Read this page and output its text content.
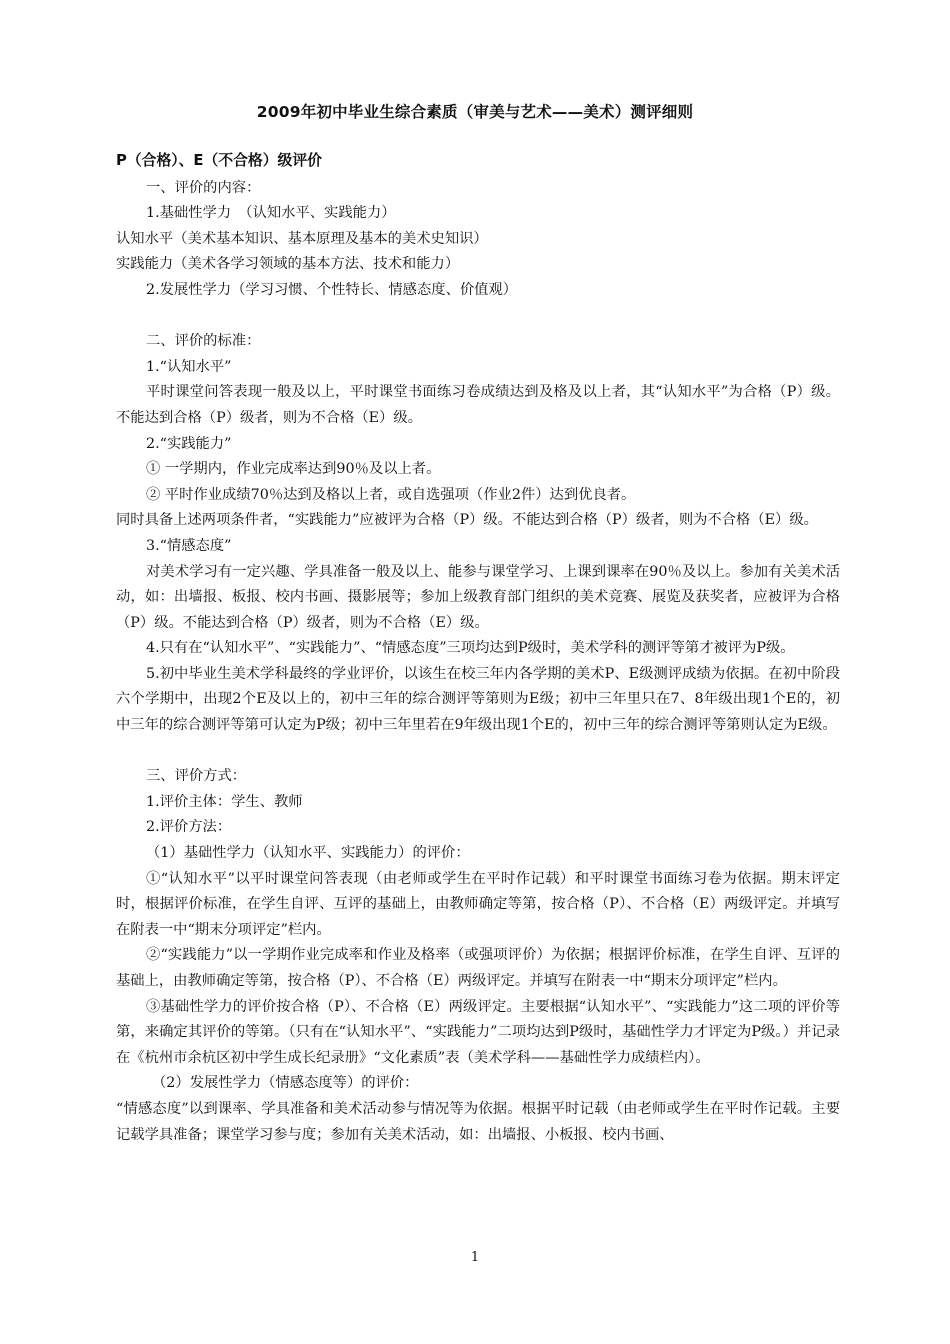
2009年初中毕业生综合素质（审美与艺术——美术）测评细则

P（合格）、E（不合格）级评价

一、评价的内容：

1.基础性学力　（认知水平、实践能力）

认知水平（美术基本知识、基本原理及基本的美术史知识）

实践能力（美术各学习领域的基本方法、技术和能力）

2.发展性学力（学习习惯、个性特长、情感态度、价值观）

二、评价的标准：

1.“认知水平”

平时课堂问答表现一般及以上，平时课堂书面练习卷成绩达到及格及以上者，其“认知水平”为合格（P）级。不能达到合格（P）级者，则为不合格（E）级。

2.“实践能力”

① 一学期内，作业完成率达到90％及以上者。

② 平时作业成绩70％达到及格以上者，或自选强项（作业2件）达到优良者。

同时具备上述两项条件者，“实践能力”应被评为合格（P）级。不能达到合格（P）级者，则为不合格（E）级。

3.“情感态度”

对美术学习有一定兴趣、学具准备一般及以上、能参与课堂学习、上课到课率在90％及以上。参加有关美术活动，如：出墙报、板报、校内书画、摄影展等；参加上级教育部门组织的美术竞赛、展览及获奖者，应被评为合格（P）级。不能达到合格（P）级者，则为不合格（E）级。

4.只有在“认知水平”、“实践能力”、“情感态度”三项均达到P级时，美术学科的测评等第才被评为P级。

5.初中毕业生美术学科最终的学业评价，以该生在校三年内各学期的美术P、E级测评成绩为依据。在初中阶段六个学期中，出现2个E及以上的，初中三年的综合测评等第则为E级；初中三年里只在7、8年级出现1个E的，初中三年的综合测评等第可认定为P级；初中三年里若在9年级出现1个E的，初中三年的综合测评等第则认定为E级。

三、评价方式：

1.评价主体：学生、教师

2.评价方法：

（1）基础性学力（认知水平、实践能力）的评价：

①“认知水平”以平时课堂问答表现（由老师或学生在平时作记载）和平时课堂书面练习卷为依据。期末评定时，根据评价标准，在学生自评、互评的基础上，由教师确定等第，按合格（P）、不合格（E）两级评定。并填写在附表一中“期末分项评定”栏内。

②“实践能力”以一学期作业完成率和作业及格率（或强项评价）为依据；根据评价标准，在学生自评、互评的基础上，由教师确定等第，按合格（P）、不合格（E）两级评定。并填写在附表一中“期末分项评定”栏内。

③基础性学力的评价按合格（P）、不合格（E）两级评定。主要根据“认知水平”、“实践能力”这二项的评价等第，来确定其评价的等第。（只有在“认知水平”、“实践能力”二项均达到P级时，基础性学力才评定为P级。）并记录在《杭州市余杭区初中学生成长纪录册》“文化素质”表（美术学科——基础性学力成绩栏内）。

（2）发展性学力（情感态度等）的评价：

“情感态度”以到课率、学具准备和美术活动参与情况等为依据。根据平时记载（由老师或学生在平时作记载。主要记载学具准备；课堂学习参与度；参加有关美术活动，如：出墙报、小板报、校内书画、

1
